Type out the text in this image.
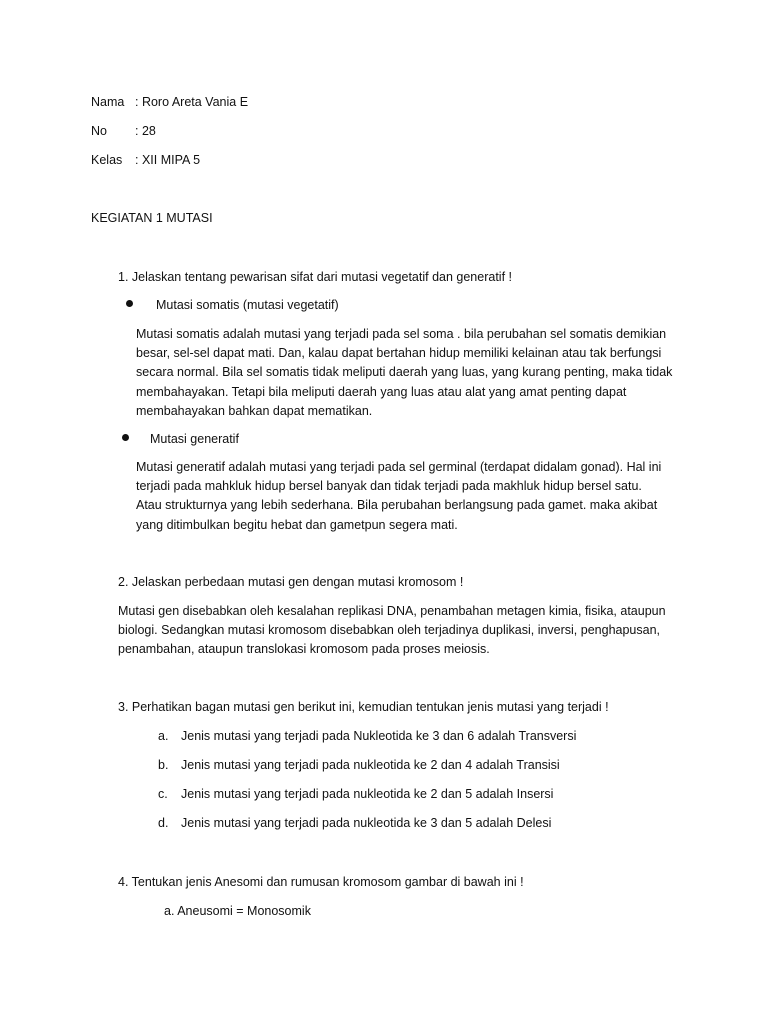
Nama : Roro Areta Vania E

No : 28

Kelas : XII MIPA 5

KEGIATAN 1 MUTASI

1. Jelaskan tentang pewarisan sifat dari mutasi vegetatif dan generatif !

Mutasi somatis (mutasi vegetatif)

Mutasi somatis adalah mutasi yang terjadi pada sel soma . bila perubahan sel somatis demikian
besar, sel-sel dapat mati. Dan, kalau dapat bertahan hidup memiliki kelainan atau tak berfungsi
secara normal. Bila sel somatis tidak meliputi daerah yang luas, yang kurang penting, maka tidak
membahayakan. Tetapi bila meliputi daerah yang luas atau alat yang amat penting dapat
membahayakan bahkan dapat mematikan.

Mutasi generatif

Mutasi generatif adalah mutasi yang terjadi pada sel germinal (terdapat didalam gonad). Hal ini
terjadi pada mahkluk hidup bersel banyak dan tidak terjadi pada makhluk hidup bersel satu.
Atau strukturnya yang lebih sederhana. Bila perubahan berlangsung pada gamet. maka akibat
yang ditimbulkan begitu hebat dan gametpun segera mati.

2. Jelaskan perbedaan mutasi gen dengan mutasi kromosom !

Mutasi gen disebabkan oleh kesalahan replikasi DNA, penambahan metagen kimia, fisika, ataupun
biologi. Sedangkan mutasi kromosom disebabkan oleh terjadinya duplikasi, inversi, penghapusan,
penambahan, ataupun translokasi kromosom pada proses meiosis.

3. Perhatikan bagan mutasi gen berikut ini, kemudian tentukan jenis mutasi yang terjadi !

a. Jenis mutasi yang terjadi pada Nukleotida ke 3 dan 6 adalah Transversi

b. Jenis mutasi yang terjadi pada nukleotida ke 2 dan 4 adalah Transisi

c. Jenis mutasi yang terjadi pada nukleotida ke 2 dan 5 adalah Insersi

d. Jenis mutasi yang terjadi pada nukleotida ke 3 dan 5 adalah Delesi

4. Tentukan jenis Anesomi dan rumusan kromosom gambar di bawah ini !

a. Aneusomi = Monosomik
